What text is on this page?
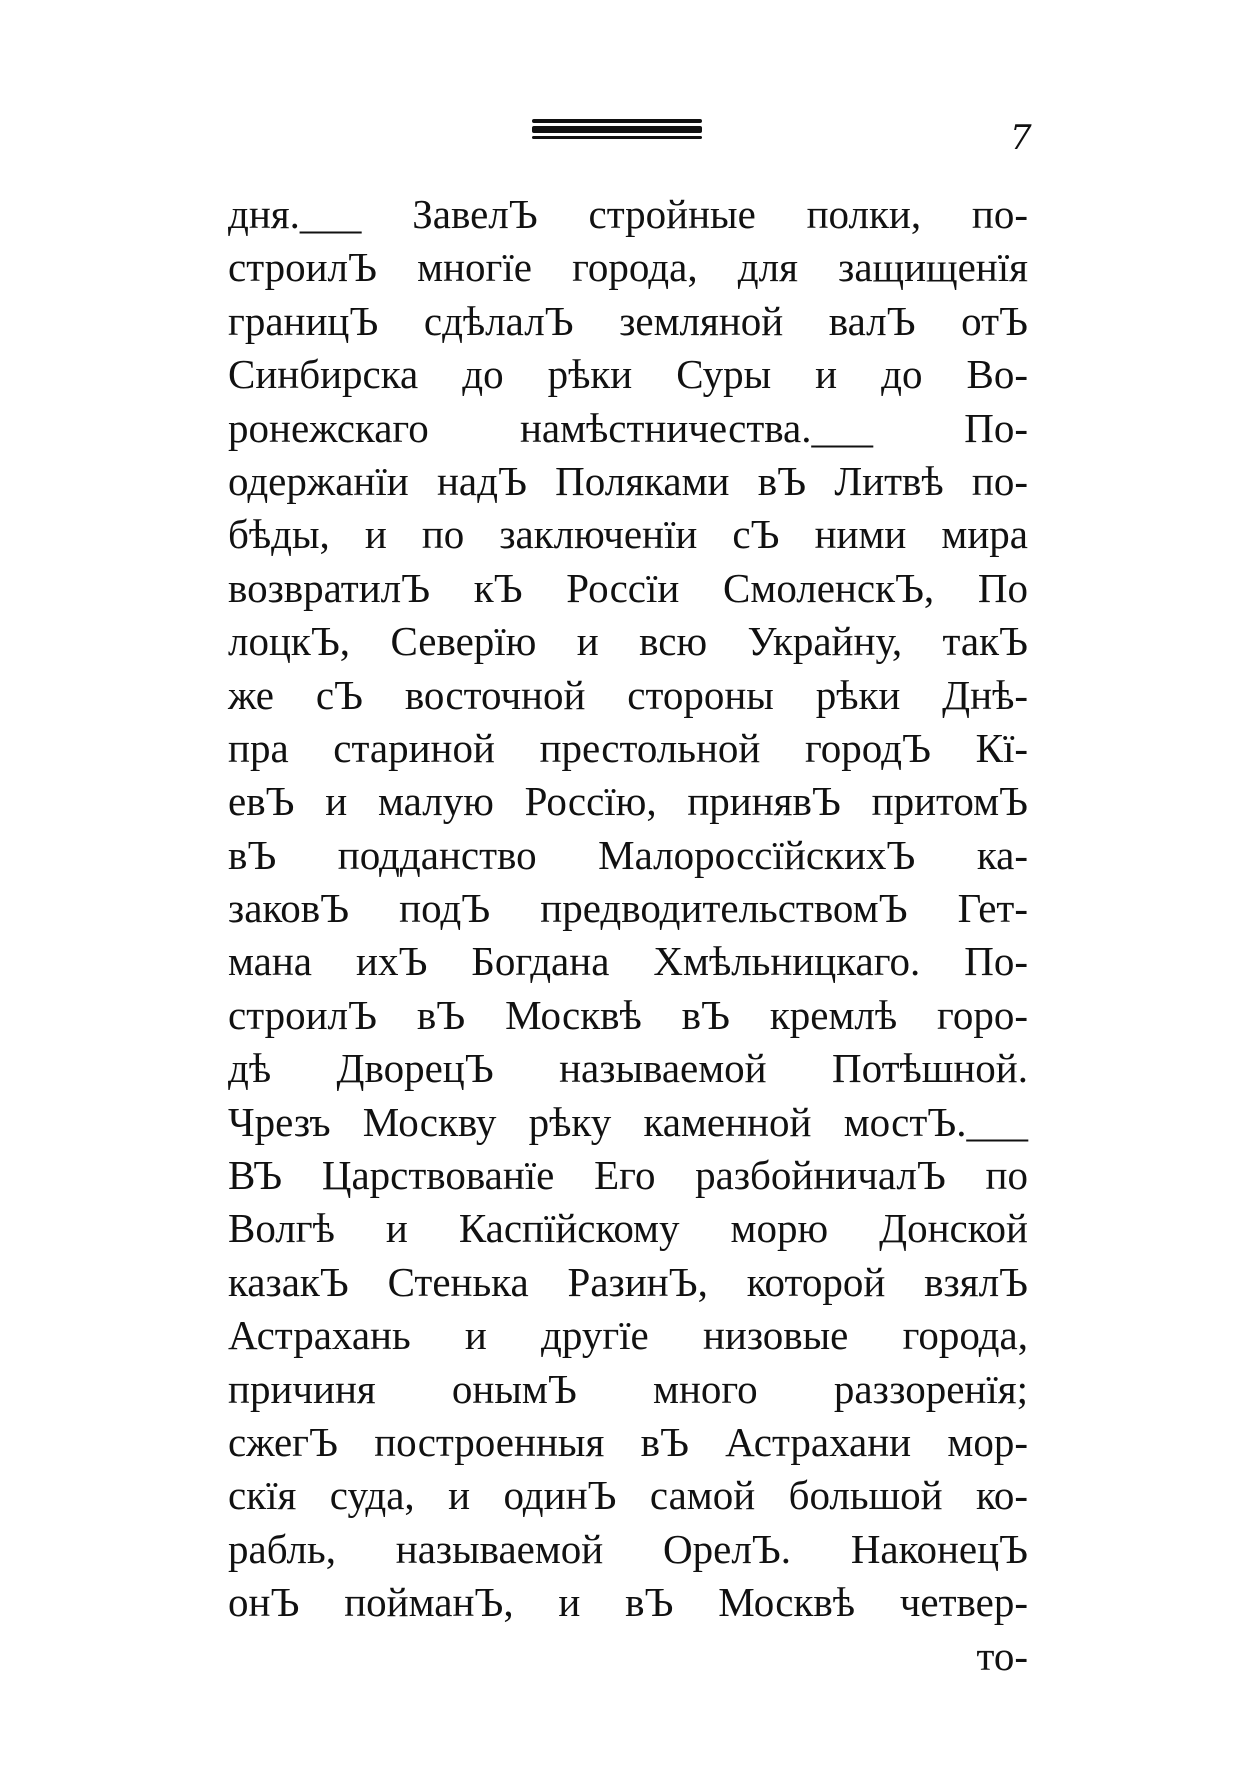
7
дня.___ ЗавелЪ стройные полки, по-
строилЪ многїе города, для защищенїя
границЪ сдѣлалЪ земляной валЪ отЪ
Синбирска до рѣки Суры и до Во-
ронежскаго намѣстничества.___ По-
одержанїи надЪ Поляками вЪ Литвѣ по-
бѣды, и по заключенїи сЪ ними мира
возвратилЪ кЪ Россїи СмоленскЪ, По
лоцкЪ, Северїю и всю Украйну, такЪ
же сЪ восточной стороны рѣки Днѣ-
пра стариной престольной городЪ Кї-
евЪ и малую Россїю, принявЪ притомЪ
вЪ подданство МалороссїйскихЪ ка-
заковЪ подЪ предводительствомЪ Гет-
мана ихЪ Богдана Хмѣльницкаго. По-
строилЪ вЪ Москвѣ вЪ кремлѣ горо-
дѣ ДворецЪ называемой Потѣшной.
Чрезъ Москву рѣку каменной мостЪ.___
ВЪ Царствованїе Его разбойничалЪ по
Волгѣ и Каспїйскому морю Донской
казакЪ Стенька РазинЪ, которой взялЪ
Астрахань и другїе низовые города,
причиня онымЪ много раззоренїя;
сжегЪ построенныя вЪ Астрахани мор-
скїя суда, и одинЪ самой большой ко-
рабль, называемой ОрелЪ. НаконецЪ
онЪ пойманЪ, и вЪ Москвѣ четвер-
то-
